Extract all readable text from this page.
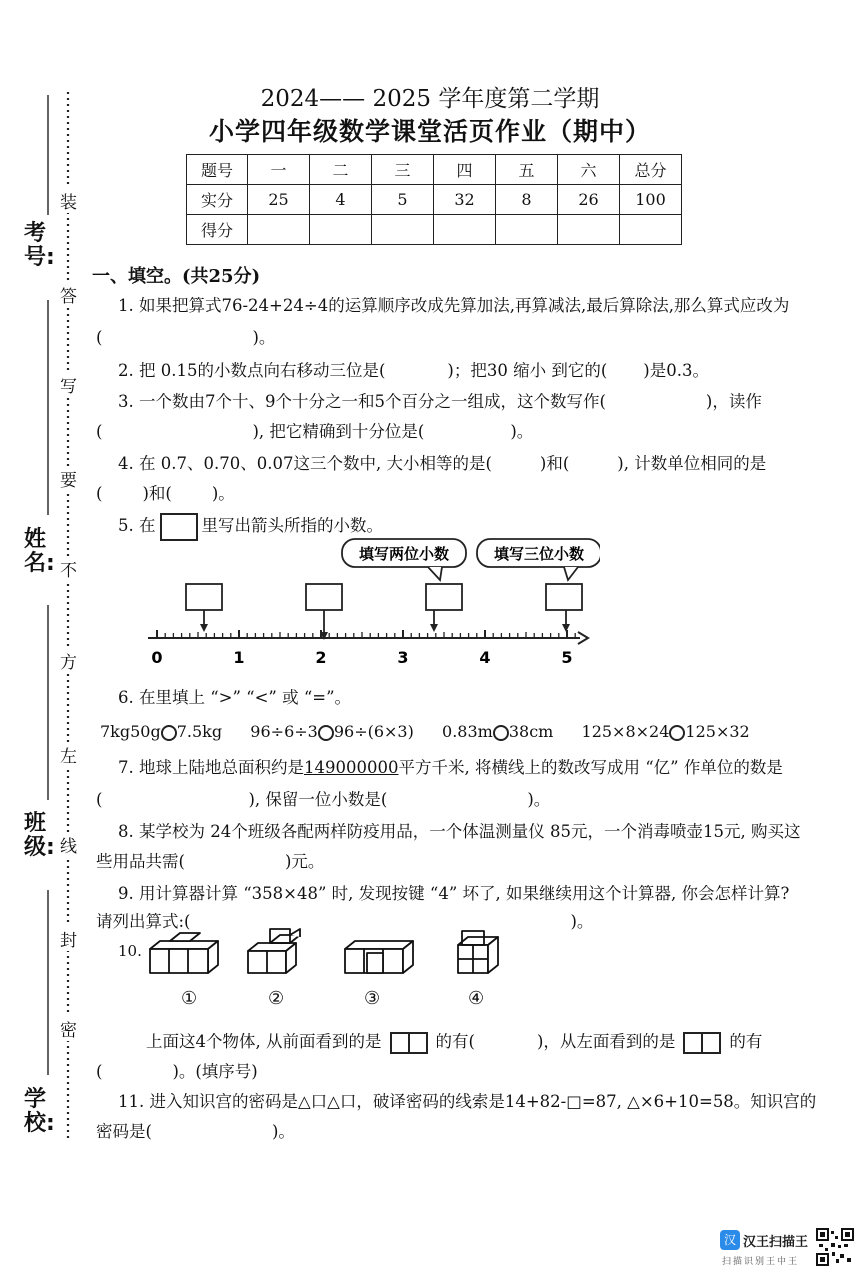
考号:
姓名:
班级:
学校:
装
答
写
要
不
方
左
线
封
密
2024—— 2025 学年度第二学期
小学四年级数学课堂活页作业（期中）
题号	一	二	三	四	五	六	总分
实分	25	4	5	32	8	26	100
得分							
一、填空。(共25分)
1. 如果把算式76-24+24÷4的运算顺序改成先算加法,再算减法,最后算除法,那么算式应改为
(	)。
2. 把 0.15的小数点向右移动三位是(	)；把30 缩小 到它的( )是0.3。
3. 一个数由7个十、9个十分之一和5个百分之一组成，这个数写作(	)，读作
(	), 把它精确到十分位是(	)。
4. 在 0.7、0.70、0.07这三个数中, 大小相等的是(	)和(	), 计数单位相同的是
( )和( )。
5. 在	里写出箭头所指的小数。
填写两位小数	填写三位小数
0	1	2	3	4	5
6. 在里填上 “>” “<” 或 “=”。
7kg50g 7.5kg 96÷6÷3 96÷(6×3) 0.83m 38cm 125×8×24 125×32
7. 地球上陆地总面积约是149000000平方千米, 将横线上的数改写成用 “亿” 作单位的数是
(	), 保留一位小数是(	)。
8. 某学校为 24个班级各配两样防疫用品，一个体温测量仪 85元，一个消毒喷壶15元, 购买这
些用品共需(	)元。
9. 用计算器计算 “358×48” 时, 发现按键 “4” 坏了, 如果继续用这个计算器, 你会怎样计算?
请列出算式:(	)。
10.
①	②	③	④
上面这4个物体, 从前面看到的是	的有(	)，从左面看到的是	的有
(	)。(填序号)
11. 进入知识宫的密码是△口△口，破译密码的线索是14+82-□=87, △×6+10=58。知识宫的
密码是(	)。
汉 汉王扫描王
扫描识别王中王
